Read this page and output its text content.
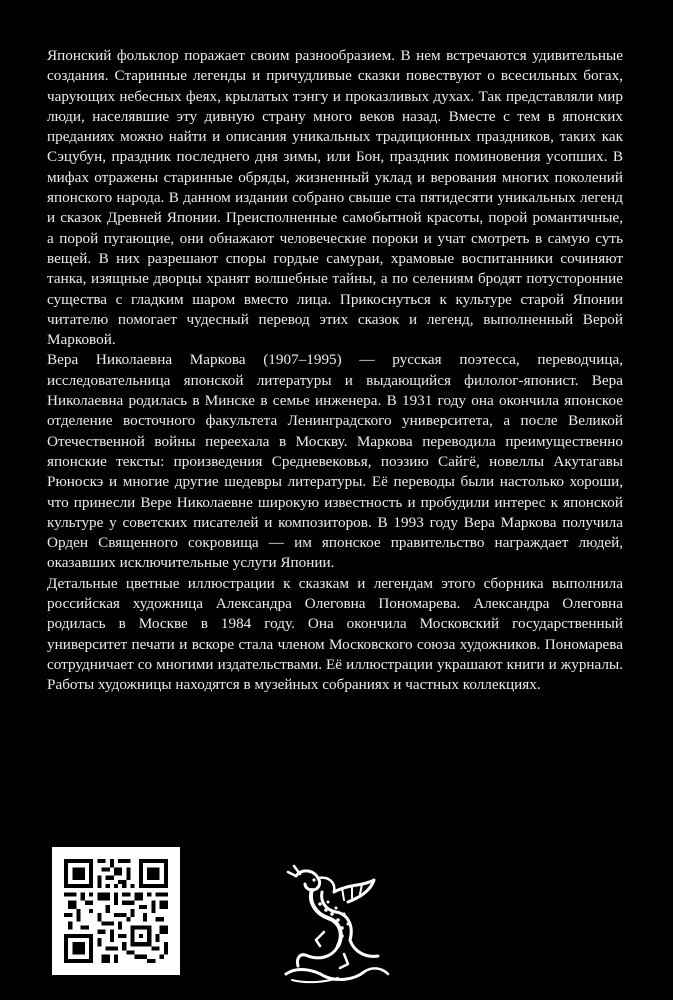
Японский фольклор поражает своим разнообразием. В нем встречаются удивительные создания. Старинные легенды и причудливые сказки повествуют о всесильных богах, чарующих небесных феях, крылатых тэнгу и проказливых духах. Так представляли мир люди, населявшие эту дивную страну много веков назад. Вместе с тем в японских преданиях можно найти и описания уникальных традиционных праздников, таких как Сэцубун, праздник последнего дня зимы, или Бон, праздник поминовения усопших. В мифах отражены старинные обряды, жизненный уклад и верования многих поколений японского народа. В данном издании собрано свыше ста пятидесяти уникальных легенд и сказок Древней Японии. Преисполненные самобытной красоты, порой романтичные, а порой пугающие, они обнажают человеческие пороки и учат смотреть в самую суть вещей. В них разрешают споры гордые самураи, храмовые воспитанники сочиняют танка, изящные дворцы хранят волшебные тайны, а по селениям бродят потусторонние существа с гладким шаром вместо лица. Прикоснуться к культуре старой Японии читателю помогает чудесный перевод этих сказок и легенд, выполненный Верой Марковой.

Вера Николаевна Маркова (1907–1995) — русская поэтесса, переводчица, исследовательница японской литературы и выдающийся филолог-японист. Вера Николаевна родилась в Минске в семье инженера. В 1931 году она окончила японское отделение восточного факультета Ленинградского университета, а после Великой Отечественной войны переехала в Москву. Маркова переводила преимущественно японские тексты: произведения Средневековья, поэзию Сайгё, новеллы Акутагавы Рюноскэ и многие другие шедевры литературы. Её переводы были настолько хороши, что принесли Вере Николаевне широкую известность и пробудили интерес к японской культуре у советских писателей и композиторов. В 1993 году Вера Маркова получила Орден Священного сокровища — им японское правительство награждает людей, оказавших исключительные услуги Японии.

Детальные цветные иллюстрации к сказкам и легендам этого сборника выполнила российская художница Александра Олеговна Пономарева. Александра Олеговна родилась в Москве в 1984 году. Она окончила Московский государственный университет печати и вскоре стала членом Московского союза художников. Пономарева сотрудничает со многими издательствами. Её иллюстрации украшают книги и журналы. Работы художницы находятся в музейных собраниях и частных коллекциях.
